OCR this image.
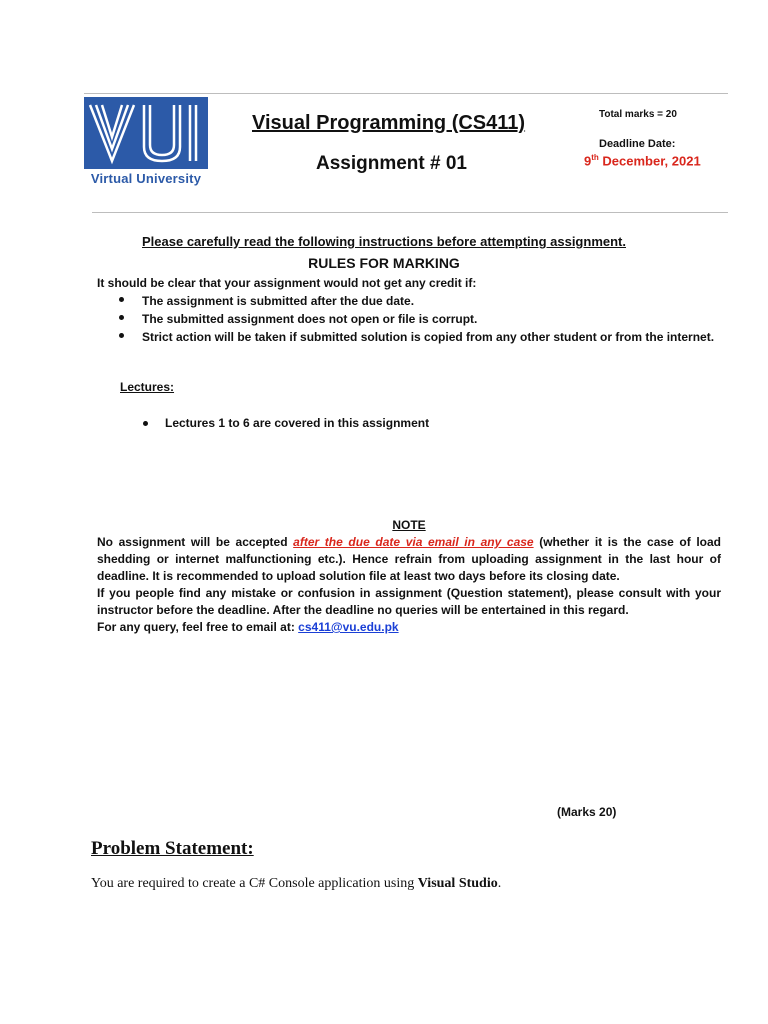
Virtual University
Visual Programming (CS411)
Assignment # 01
Total marks = 20
Deadline Date:
9th December, 2021
Please carefully read the following instructions before attempting assignment.
RULES FOR MARKING
It should be clear that your assignment would not get any credit if:
The assignment is submitted after the due date.
The submitted assignment does not open or file is corrupt.
Strict action will be taken if submitted solution is copied from any other student or from the internet.
Lectures:
Lectures 1 to 6 are covered in this assignment
NOTE

No assignment will be accepted after the due date via email in any case (whether it is the case of load shedding or internet malfunctioning etc.). Hence refrain from uploading assignment in the last hour of deadline. It is recommended to upload solution file at least two days before its closing date.

If you people find any mistake or confusion in assignment (Question statement), please consult with your instructor before the deadline. After the deadline no queries will be entertained in this regard.

For any query, feel free to email at: cs411@vu.edu.pk

(Marks 20)
Problem Statement:
You are required to create a C# Console application using Visual Studio.
